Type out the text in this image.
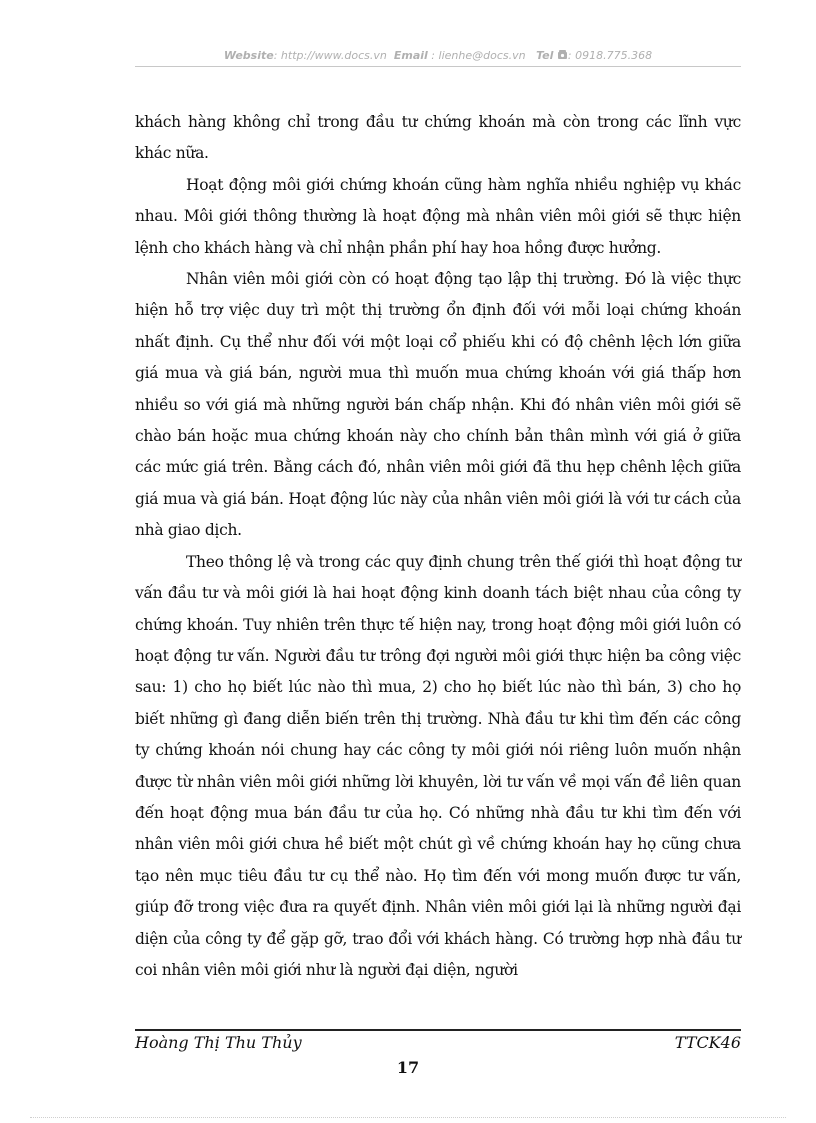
Website: http://www.docs.vn Email : lienhe@docs.vn Tel : 0918.775.368

khách hàng không chỉ trong đầu tư chứng khoán mà còn trong các lĩnh vực khác nữa.

Hoạt động môi giới chứng khoán cũng hàm nghĩa nhiều nghiệp vụ khác nhau. Môi giới thông thường là hoạt động mà nhân viên môi giới sẽ thực hiện lệnh cho khách hàng và chỉ nhận phần phí hay hoa hồng được hưởng.

Nhân viên môi giới còn có hoạt động tạo lập thị trường. Đó là việc thực hiện hỗ trợ việc duy trì một thị trường ổn định đối với mỗi loại chứng khoán nhất định. Cụ thể như đối với một loại cổ phiếu khi có độ chênh lệch lớn giữa giá mua và giá bán, người mua thì muốn mua chứng khoán với giá thấp hơn nhiều so với giá mà những người bán chấp nhận. Khi đó nhân viên môi giới sẽ chào bán hoặc mua chứng khoán này cho chính bản thân mình với giá ở giữa các mức giá trên. Bằng cách đó, nhân viên môi giới đã thu hẹp chênh lệch giữa giá mua và giá bán. Hoạt động lúc này của nhân viên môi giới là với tư cách của nhà giao dịch.

Theo thông lệ và trong các quy định chung trên thế giới thì hoạt động tư vấn đầu tư và môi giới là hai hoạt động kinh doanh tách biệt nhau của công ty chứng khoán. Tuy nhiên trên thực tế hiện nay, trong hoạt động môi giới luôn có hoạt động tư vấn. Người đầu tư trông đợi người môi giới thực hiện ba công việc sau: 1) cho họ biết lúc nào thì mua, 2) cho họ biết lúc nào thì bán, 3) cho họ biết những gì đang diễn biến trên thị trường. Nhà đầu tư khi tìm đến các công ty chứng khoán nói chung hay các công ty môi giới nói riêng luôn muốn nhận được từ nhân viên môi giới những lời khuyên, lời tư vấn về mọi vấn đề liên quan đến hoạt động mua bán đầu tư của họ. Có những nhà đầu tư khi tìm đến với nhân viên môi giới chưa hề biết một chút gì về chứng khoán hay họ cũng chưa tạo nên mục tiêu đầu tư cụ thể nào. Họ tìm đến với mong muốn được tư vấn, giúp đỡ trong việc đưa ra quyết định. Nhân viên môi giới lại là những người đại diện của công ty để gặp gỡ, trao đổi với khách hàng. Có trường hợp nhà đầu tư coi nhân viên môi giới như là người đại diện, người

Hoàng Thị Thu Thủy	TTCK46
17
